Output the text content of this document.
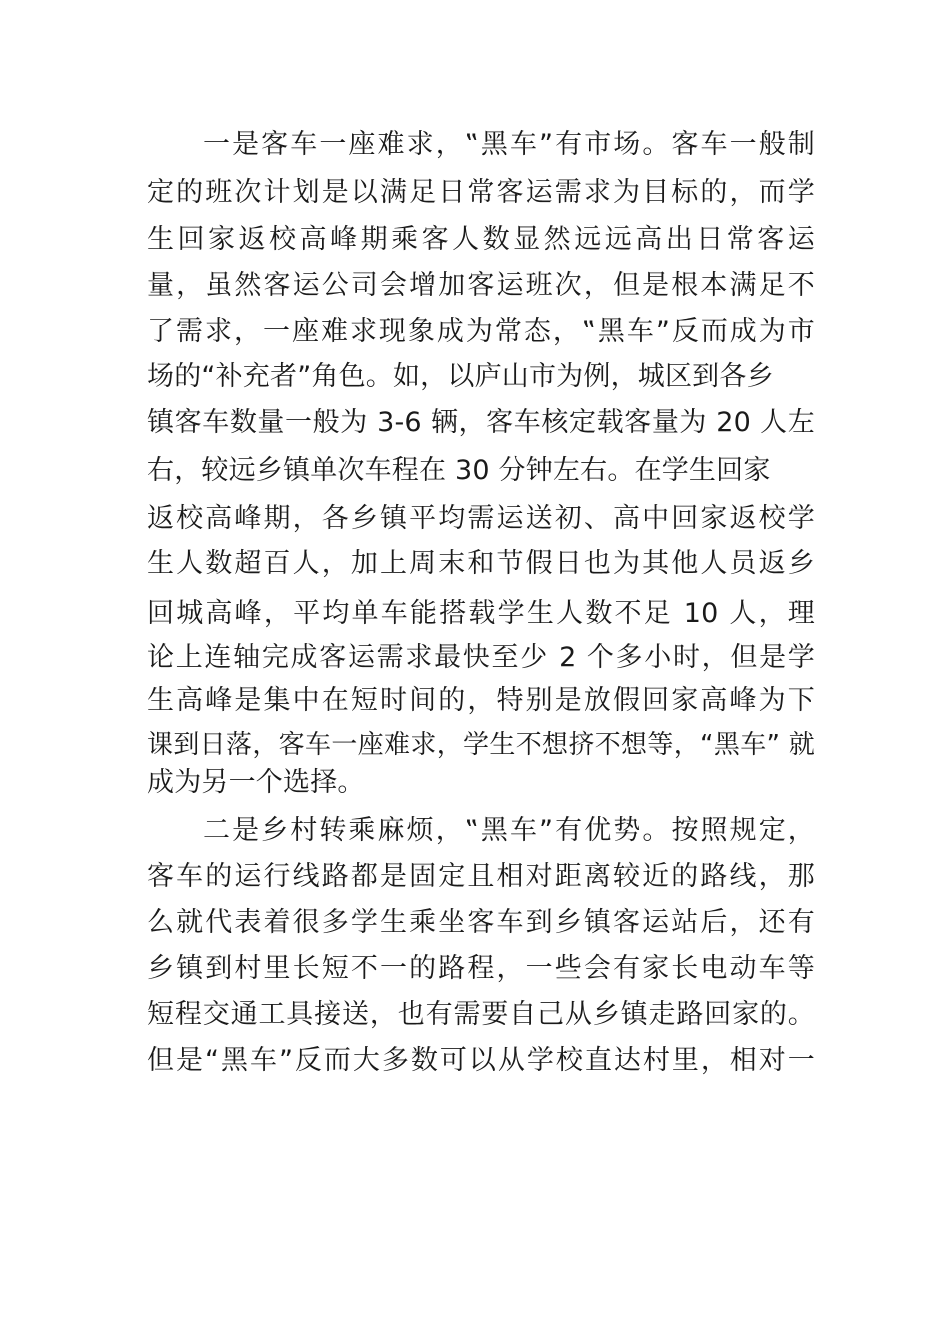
一是客车一座难求，‟黑车”有市场。客车一般制
定的班次计划是以满足日常客运需求为目标的，而学
生回家返校高峰期乘客人数显然远远高出日常客运
量，虽然客运公司会增加客运班次，但是根本满足不
了需求，一座难求现象成为常态，‟黑车”反而成为市
场的“补充者”角色。如，以庐山市为例，城区到各乡
镇客车数量一般为 3-6 辆，客车核定载客量为 20 人左
右，较远乡镇单次车程在 30 分钟左右。在学生回家
返校高峰期，各乡镇平均需运送初、高中回家返校学
生人数超百人，加上周末和节假日也为其他人员返乡
回城高峰，平均单车能搭载学生人数不足 10 人，理
论上连轴完成客运需求最快至少 2 个多小时，但是学
生高峰是集中在短时间的，特别是放假回家高峰为下
课到日落，客车一座难求，学生不想挤不想等，“黑车” 就
成为另一个选择。
二是乡村转乘麻烦，‟黑车”有优势。按照规定，
客车的运行线路都是固定且相对距离较近的路线，那
么就代表着很多学生乘坐客车到乡镇客运站后，还有
乡镇到村里长短不一的路程，一些会有家长电动车等
短程交通工具接送，也有需要自己从乡镇走路回家的。
但是“黑车”反而大多数可以从学校直达村里，相对一
